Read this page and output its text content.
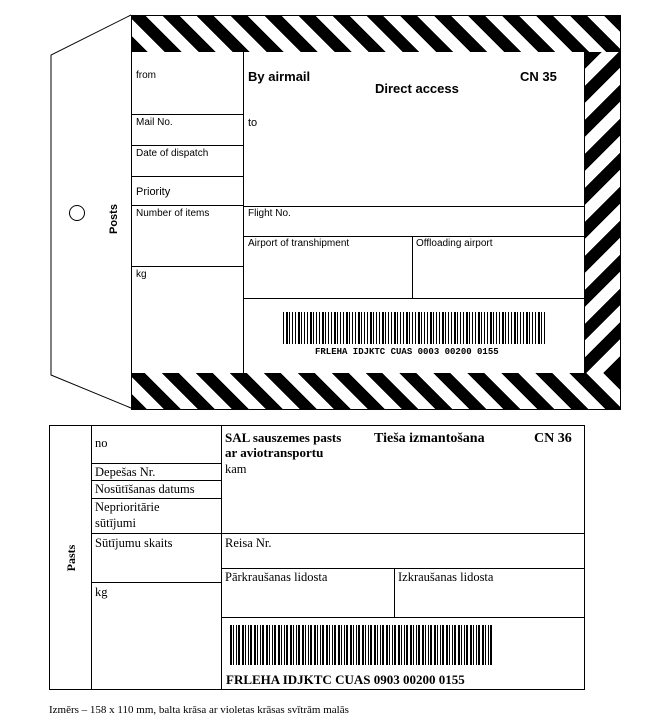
Posts
from
Mail No.
Date of dispatch
Priority
Number of items
kg
By airmail
Direct access
CN 35
to
Flight No.
Airport of transhipment	Offloading airport
FRLEHA IDJKTC CUAS 0003 00200 0155
Pasts
no
Depešas Nr.
Nosūtīšanas datums
Neprioritārie
sūtījumi
Sūtījumu skaits
kg
SAL sauszemes pasts
ar aviotransportu
Tieša izmantošana	CN 36
kam
Reisa Nr.
Pārkraušanas lidosta	Izkraušanas lidosta
FRLEHA IDJKTC CUAS 0903 00200 0155
Izmērs – 158 x 110 mm, balta krāsa ar violetas krāsas svītrām malās
